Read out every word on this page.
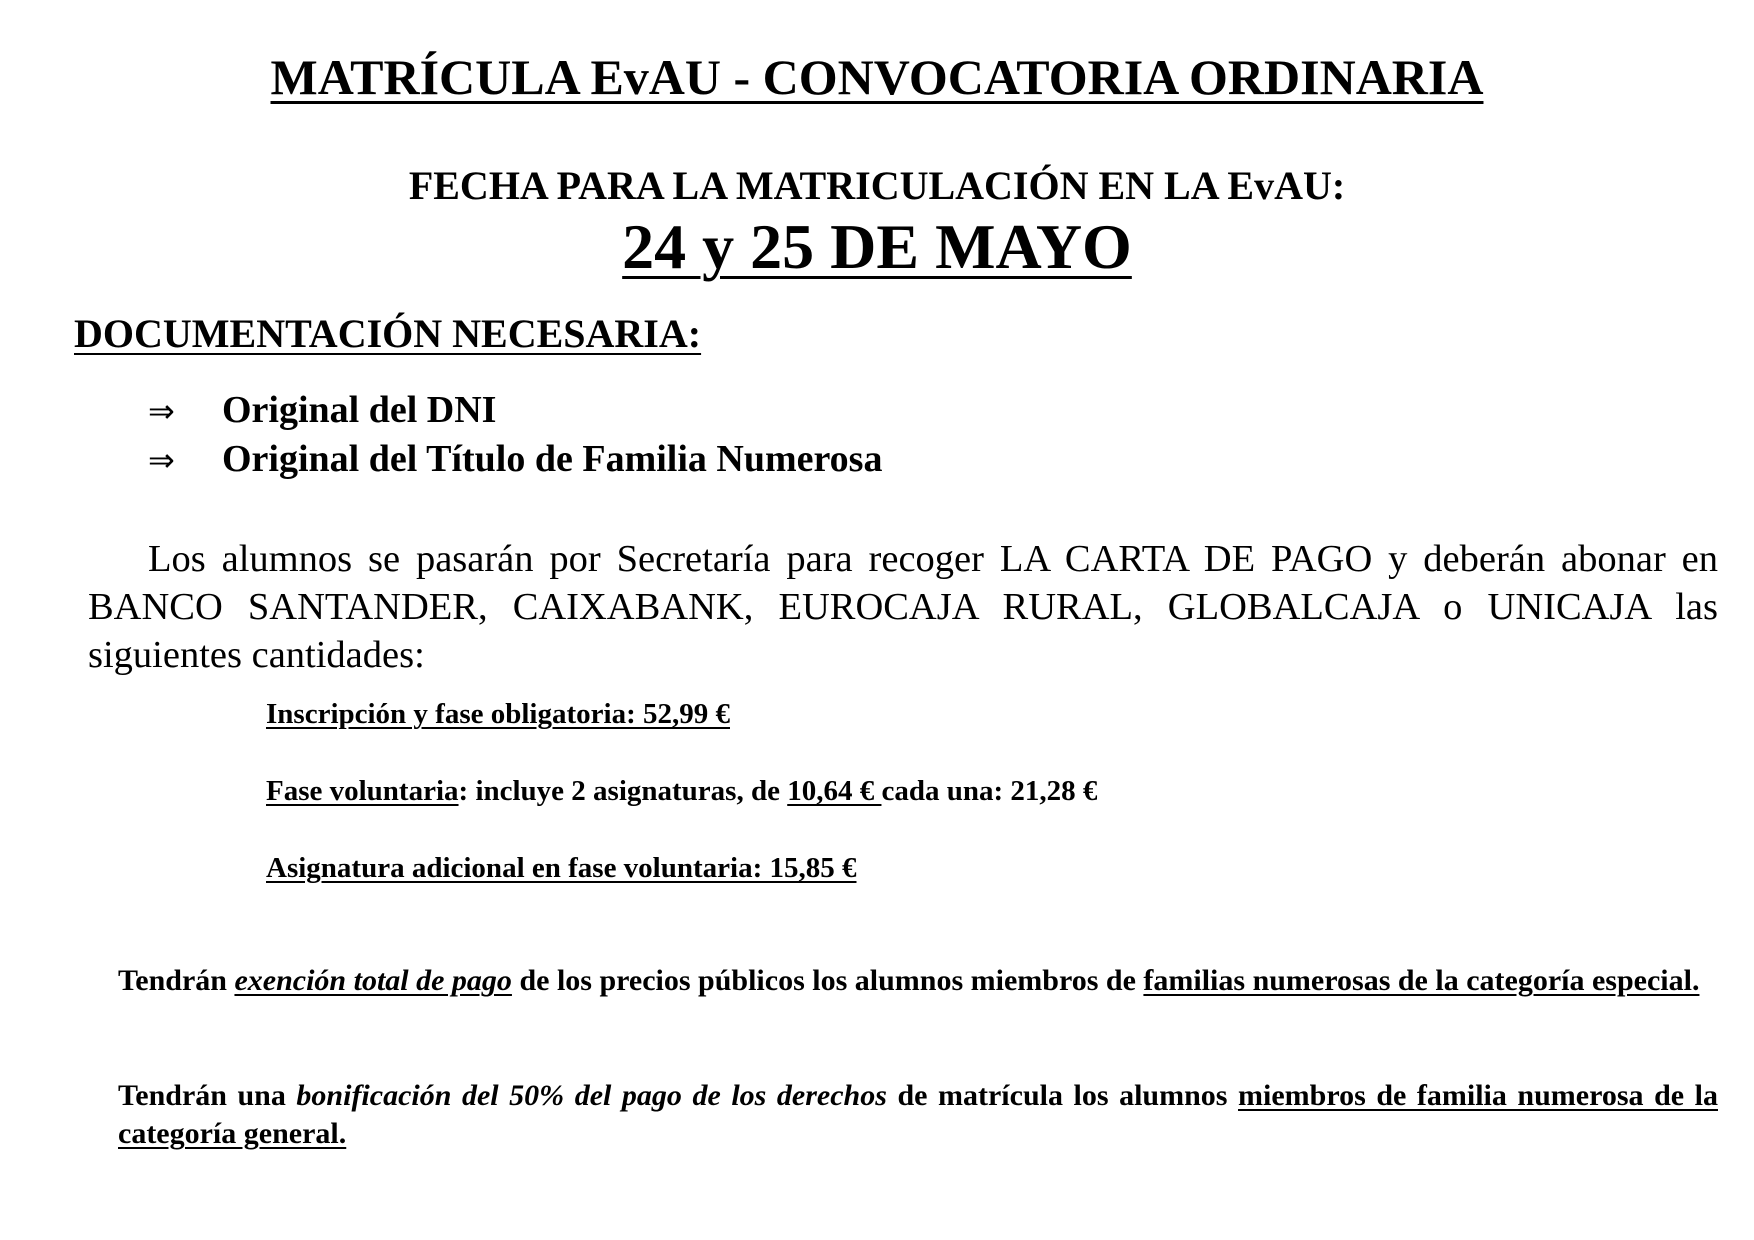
MATRÍCULA EvAU - CONVOCATORIA ORDINARIA
FECHA PARA LA MATRICULACIÓN EN LA EvAU:
24 y 25 DE MAYO
DOCUMENTACIÓN NECESARIA:
⇒	Original del DNI
⇒	Original del Título de Familia Numerosa
Los alumnos se pasarán por Secretaría para recoger LA CARTA DE PAGO y deberán abonar en BANCO SANTANDER, CAIXABANK, EUROCAJA RURAL, GLOBALCAJA o UNICAJA las siguientes cantidades:
Inscripción y fase obligatoria: 52,99 €
Fase voluntaria: incluye 2 asignaturas, de 10,64 € cada una: 21,28 €
Asignatura adicional en fase voluntaria: 15,85 €
Tendrán exención total de pago de los precios públicos los alumnos miembros de familias numerosas de la categoría especial.
Tendrán una bonificación del 50% del pago de los derechos de matrícula los alumnos miembros de familia numerosa de la categoría general.
